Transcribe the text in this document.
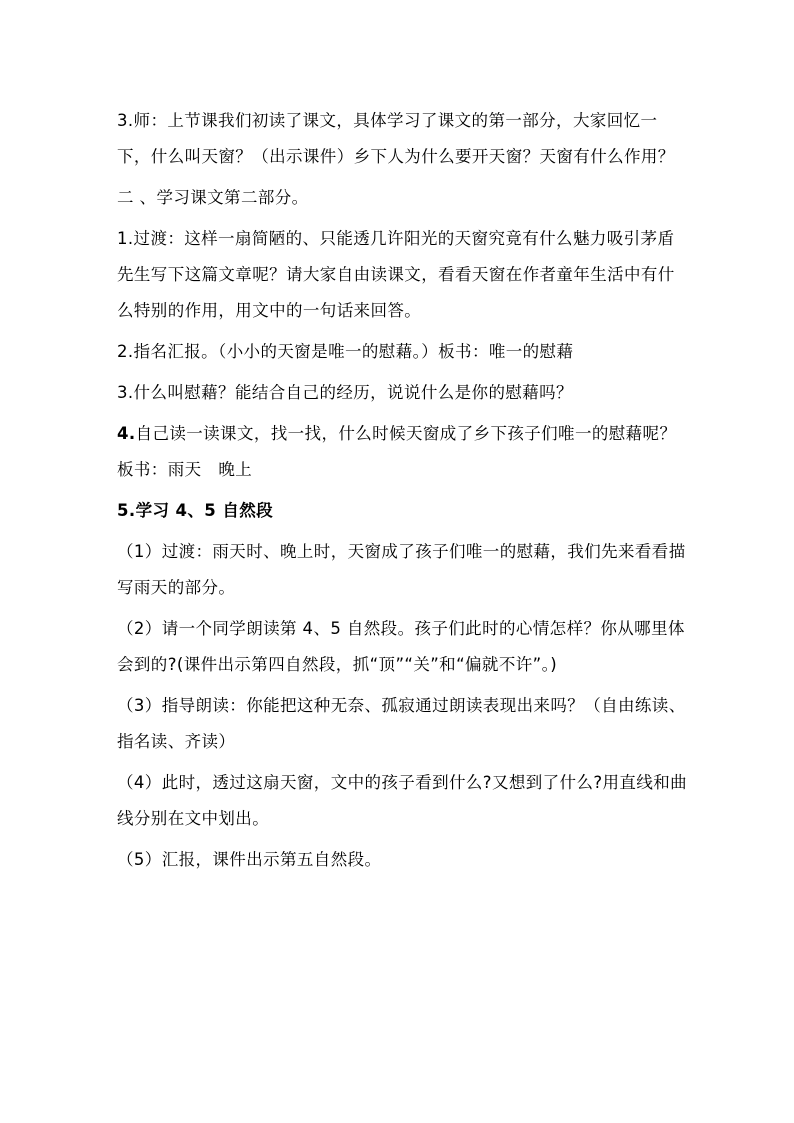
3.师：上节课我们初读了课文，具体学习了课文的第一部分，大家回忆一下，什么叫天窗？（出示课件）乡下人为什么要开天窗？天窗有什么作用？

二 、学习课文第二部分。

1.过渡：这样一扇简陋的、只能透几许阳光的天窗究竟有什么魅力吸引茅盾先生写下这篇文章呢？请大家自由读课文，看看天窗在作者童年生活中有什么特别的作用，用文中的一句话来回答。

2.指名汇报。（小小的天窗是唯一的慰藉。）板书：唯一的慰藉

3.什么叫慰藉？能结合自己的经历，说说什么是你的慰藉吗？

4.自己读一读课文，找一找，什么时候天窗成了乡下孩子们唯一的慰藉呢？板书：雨天　晚上

5.学习 4、5 自然段

（1）过渡：雨天时、晚上时，天窗成了孩子们唯一的慰藉，我们先来看看描写雨天的部分。

（2）请一个同学朗读第 4、5 自然段。孩子们此时的心情怎样？你从哪里体会到的?(课件出示第四自然段，抓“顶”“关”和“偏就不许”。)

（3）指导朗读：你能把这种无奈、孤寂通过朗读表现出来吗？（自由练读、指名读、齐读）

（4）此时，透过这扇天窗，文中的孩子看到什么?又想到了什么?用直线和曲线分别在文中划出。

（5）汇报，课件出示第五自然段。
